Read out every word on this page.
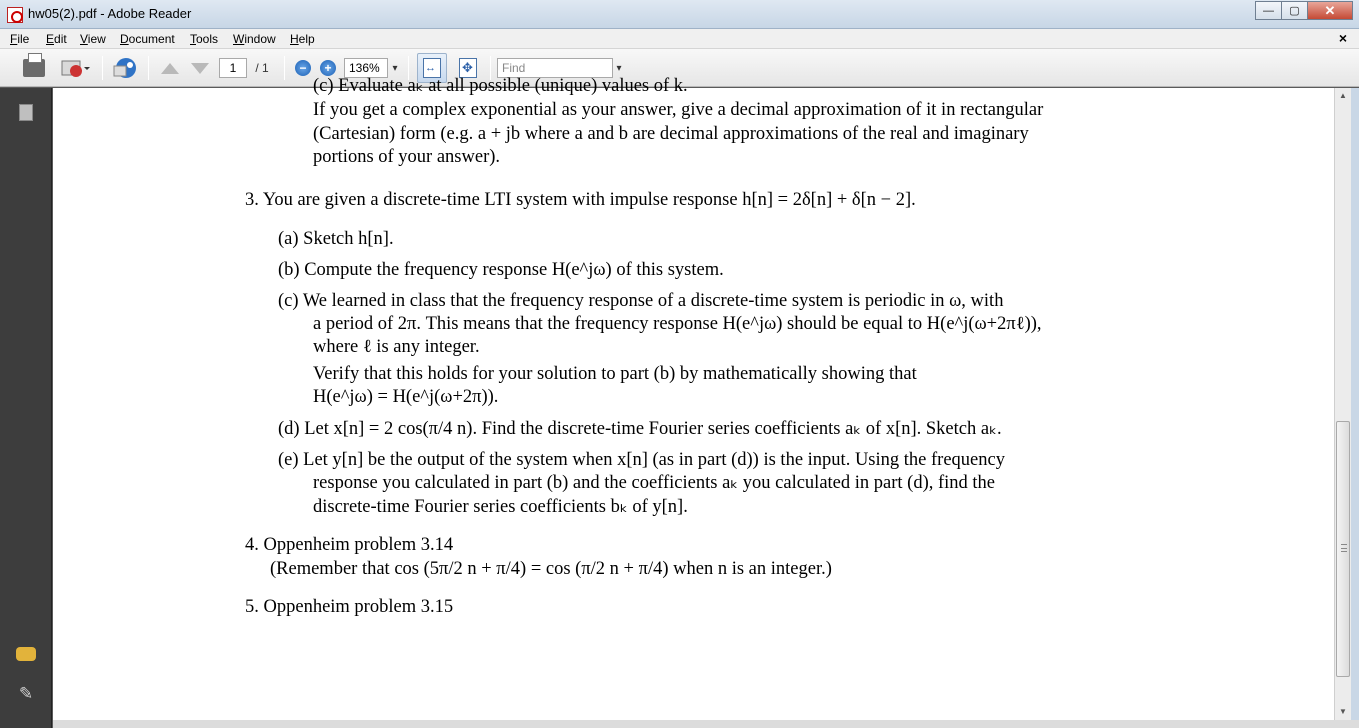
hw05(2).pdf - Adobe Reader	—	▢	✕
File Edit View Document Tools Window Help	×
1	/ 1	−	+	136%	▾ ↔ ✥	Find	▾
✎
(c) Evaluate aₖ at all possible (unique) values of k.
If you get a complex exponential as your answer, give a decimal approximation of it in rectangular
(Cartesian) form (e.g. a + jb where a and b are decimal approximations of the real and imaginary
portions of your answer).
3. You are given a discrete-time LTI system with impulse response h[n] = 2δ[n] + δ[n − 2].
(a) Sketch h[n].
(b) Compute the frequency response H(e^jω) of this system.
(c) We learned in class that the frequency response of a discrete-time system is periodic in ω, with
a period of 2π. This means that the frequency response H(e^jω) should be equal to H(e^j(ω+2πℓ)),
where ℓ is any integer.
Verify that this holds for your solution to part (b) by mathematically showing that
H(e^jω) = H(e^j(ω+2π)).
(d) Let x[n] = 2 cos(π/4 n). Find the discrete-time Fourier series coefficients aₖ of x[n]. Sketch aₖ.
(e) Let y[n] be the output of the system when x[n] (as in part (d)) is the input. Using the frequency
response you calculated in part (b) and the coefficients aₖ you calculated in part (d), find the
discrete-time Fourier series coefficients bₖ of y[n].
4. Oppenheim problem 3.14
(Remember that cos (5π/2 n + π/4) = cos (π/2 n + π/4) when n is an integer.)
5. Oppenheim problem 3.15
▲
▼
